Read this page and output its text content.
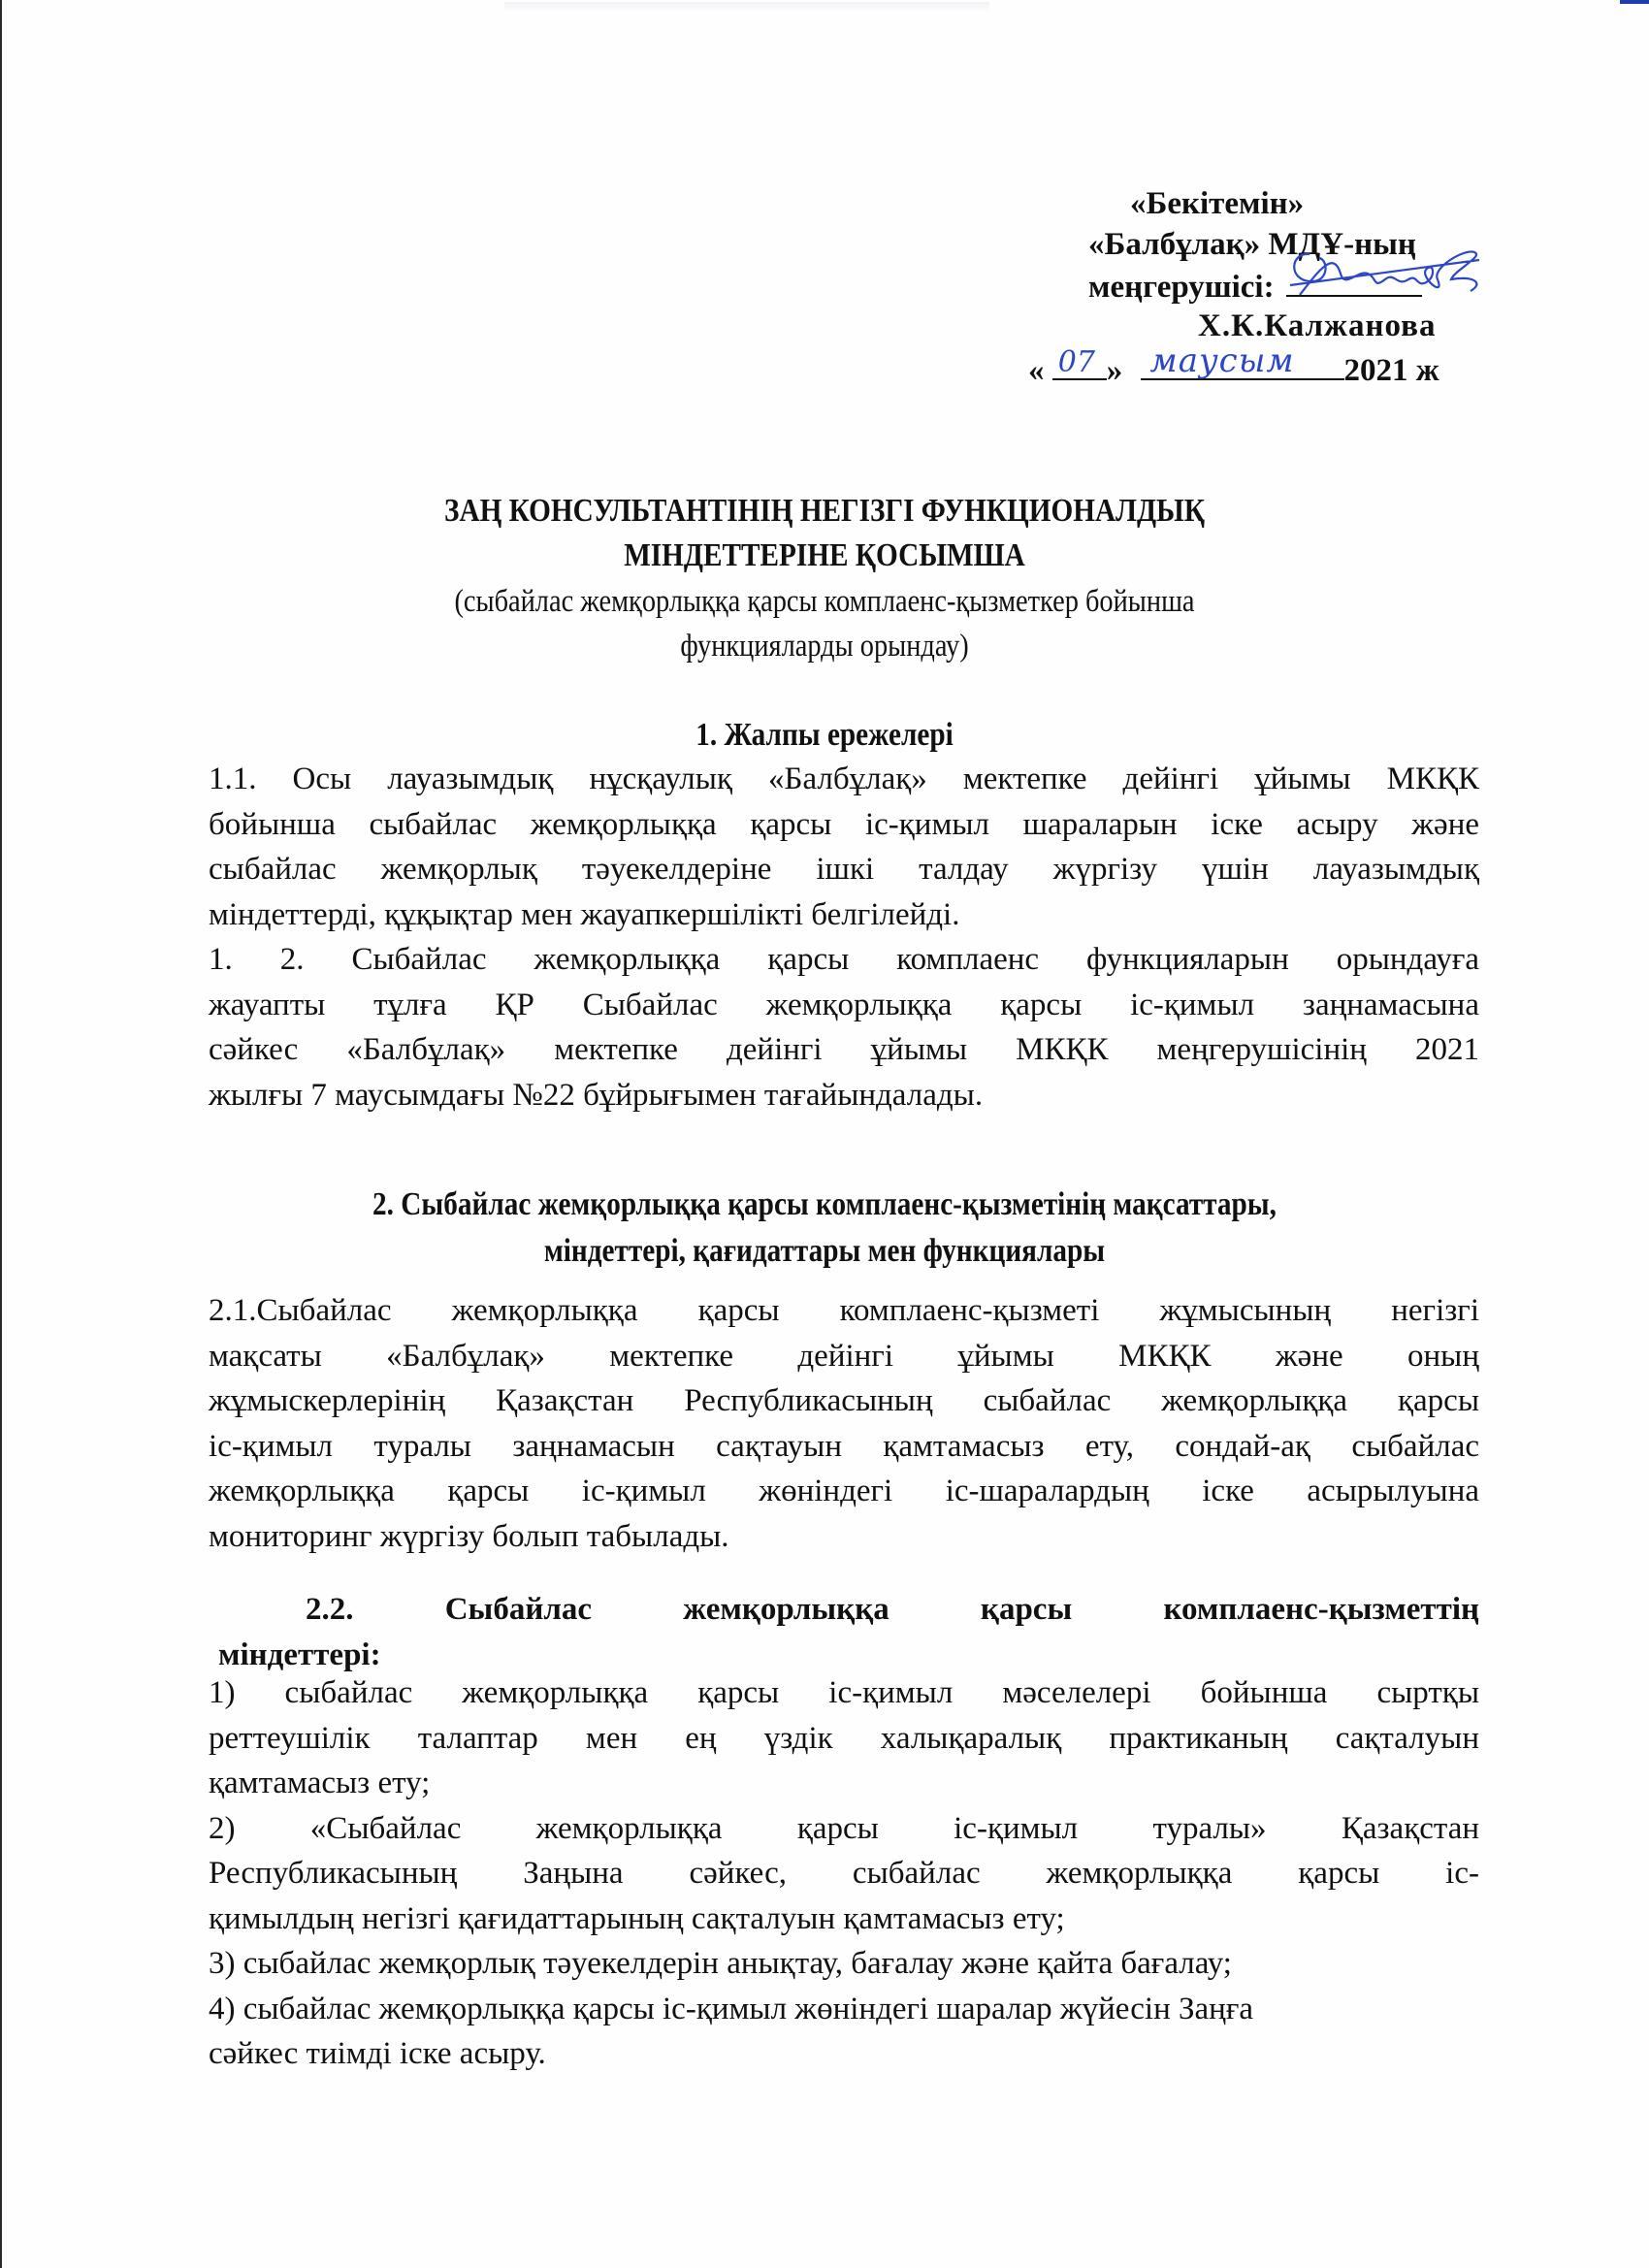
«Бекітемін»
«Балбұлақ» МДҰ-ның
меңгерушісі:
Х.К.Калжанова
« 07 » маусым 2021 ж
ЗАҢ КОНСУЛЬТАНТІНІҢ НЕГІЗГІ ФУНКЦИОНАЛДЫҚ
МІНДЕТТЕРІНЕ ҚОСЫМША
(сыбайлас жемқорлыққа қарсы комплаенс-қызметкер бойынша
функцияларды орындау)
1. Жалпы ережелері
1.1. Осы лауазымдық нұсқаулық «Балбұлақ» мектепке дейінгі ұйымы МКҚК
бойынша сыбайлас жемқорлыққа қарсы іс-қимыл шараларын іске асыру және
сыбайлас жемқорлық тәуекелдеріне ішкі талдау жүргізу үшін лауазымдық
міндеттерді, құқықтар мен жауапкершілікті белгілейді.
1. 2. Сыбайлас жемқорлыққа қарсы комплаенс функцияларын орындауға
жауапты тұлға ҚР Сыбайлас жемқорлыққа қарсы іс-қимыл заңнамасына
сәйкес «Балбұлақ» мектепке дейінгі ұйымы МКҚК меңгерушісінің 2021
жылғы 7 маусымдағы №22 бұйрығымен тағайындалады.
2. Сыбайлас жемқорлыққа қарсы комплаенс-қызметінің мақсаттары,
міндеттері, қағидаттары мен функциялары
2.1.Сыбайлас жемқорлыққа қарсы комплаенс-қызметі жұмысының негізгі
мақсаты «Балбұлақ» мектепке дейінгі ұйымы МКҚК және оның
жұмыскерлерінің Қазақстан Республикасының сыбайлас жемқорлыққа қарсы
іс-қимыл туралы заңнамасын сақтауын қамтамасыз ету, сондай-ақ сыбайлас
жемқорлыққа қарсы іс-қимыл жөніндегі іс-шаралардың іске асырылуына
мониторинг жүргізу болып табылады.
2.2. Сыбайлас жемқорлыққа қарсы комплаенс-қызметтің
міндеттері:
1) сыбайлас жемқорлыққа қарсы іс-қимыл мәселелері бойынша сыртқы
реттеушілік талаптар мен ең үздік халықаралық практиканың сақталуын
қамтамасыз ету;
2) «Сыбайлас жемқорлыққа қарсы іс-қимыл туралы» Қазақстан
Республикасының Заңына сәйкес, сыбайлас жемқорлыққа қарсы іс-
қимылдың негізгі қағидаттарының сақталуын қамтамасыз ету;
3) сыбайлас жемқорлық тәуекелдерін анықтау, бағалау және қайта бағалау;
4) сыбайлас жемқорлыққа қарсы іс-қимыл жөніндегі шаралар жүйесін Заңға
сәйкес тиімді іске асыру.
